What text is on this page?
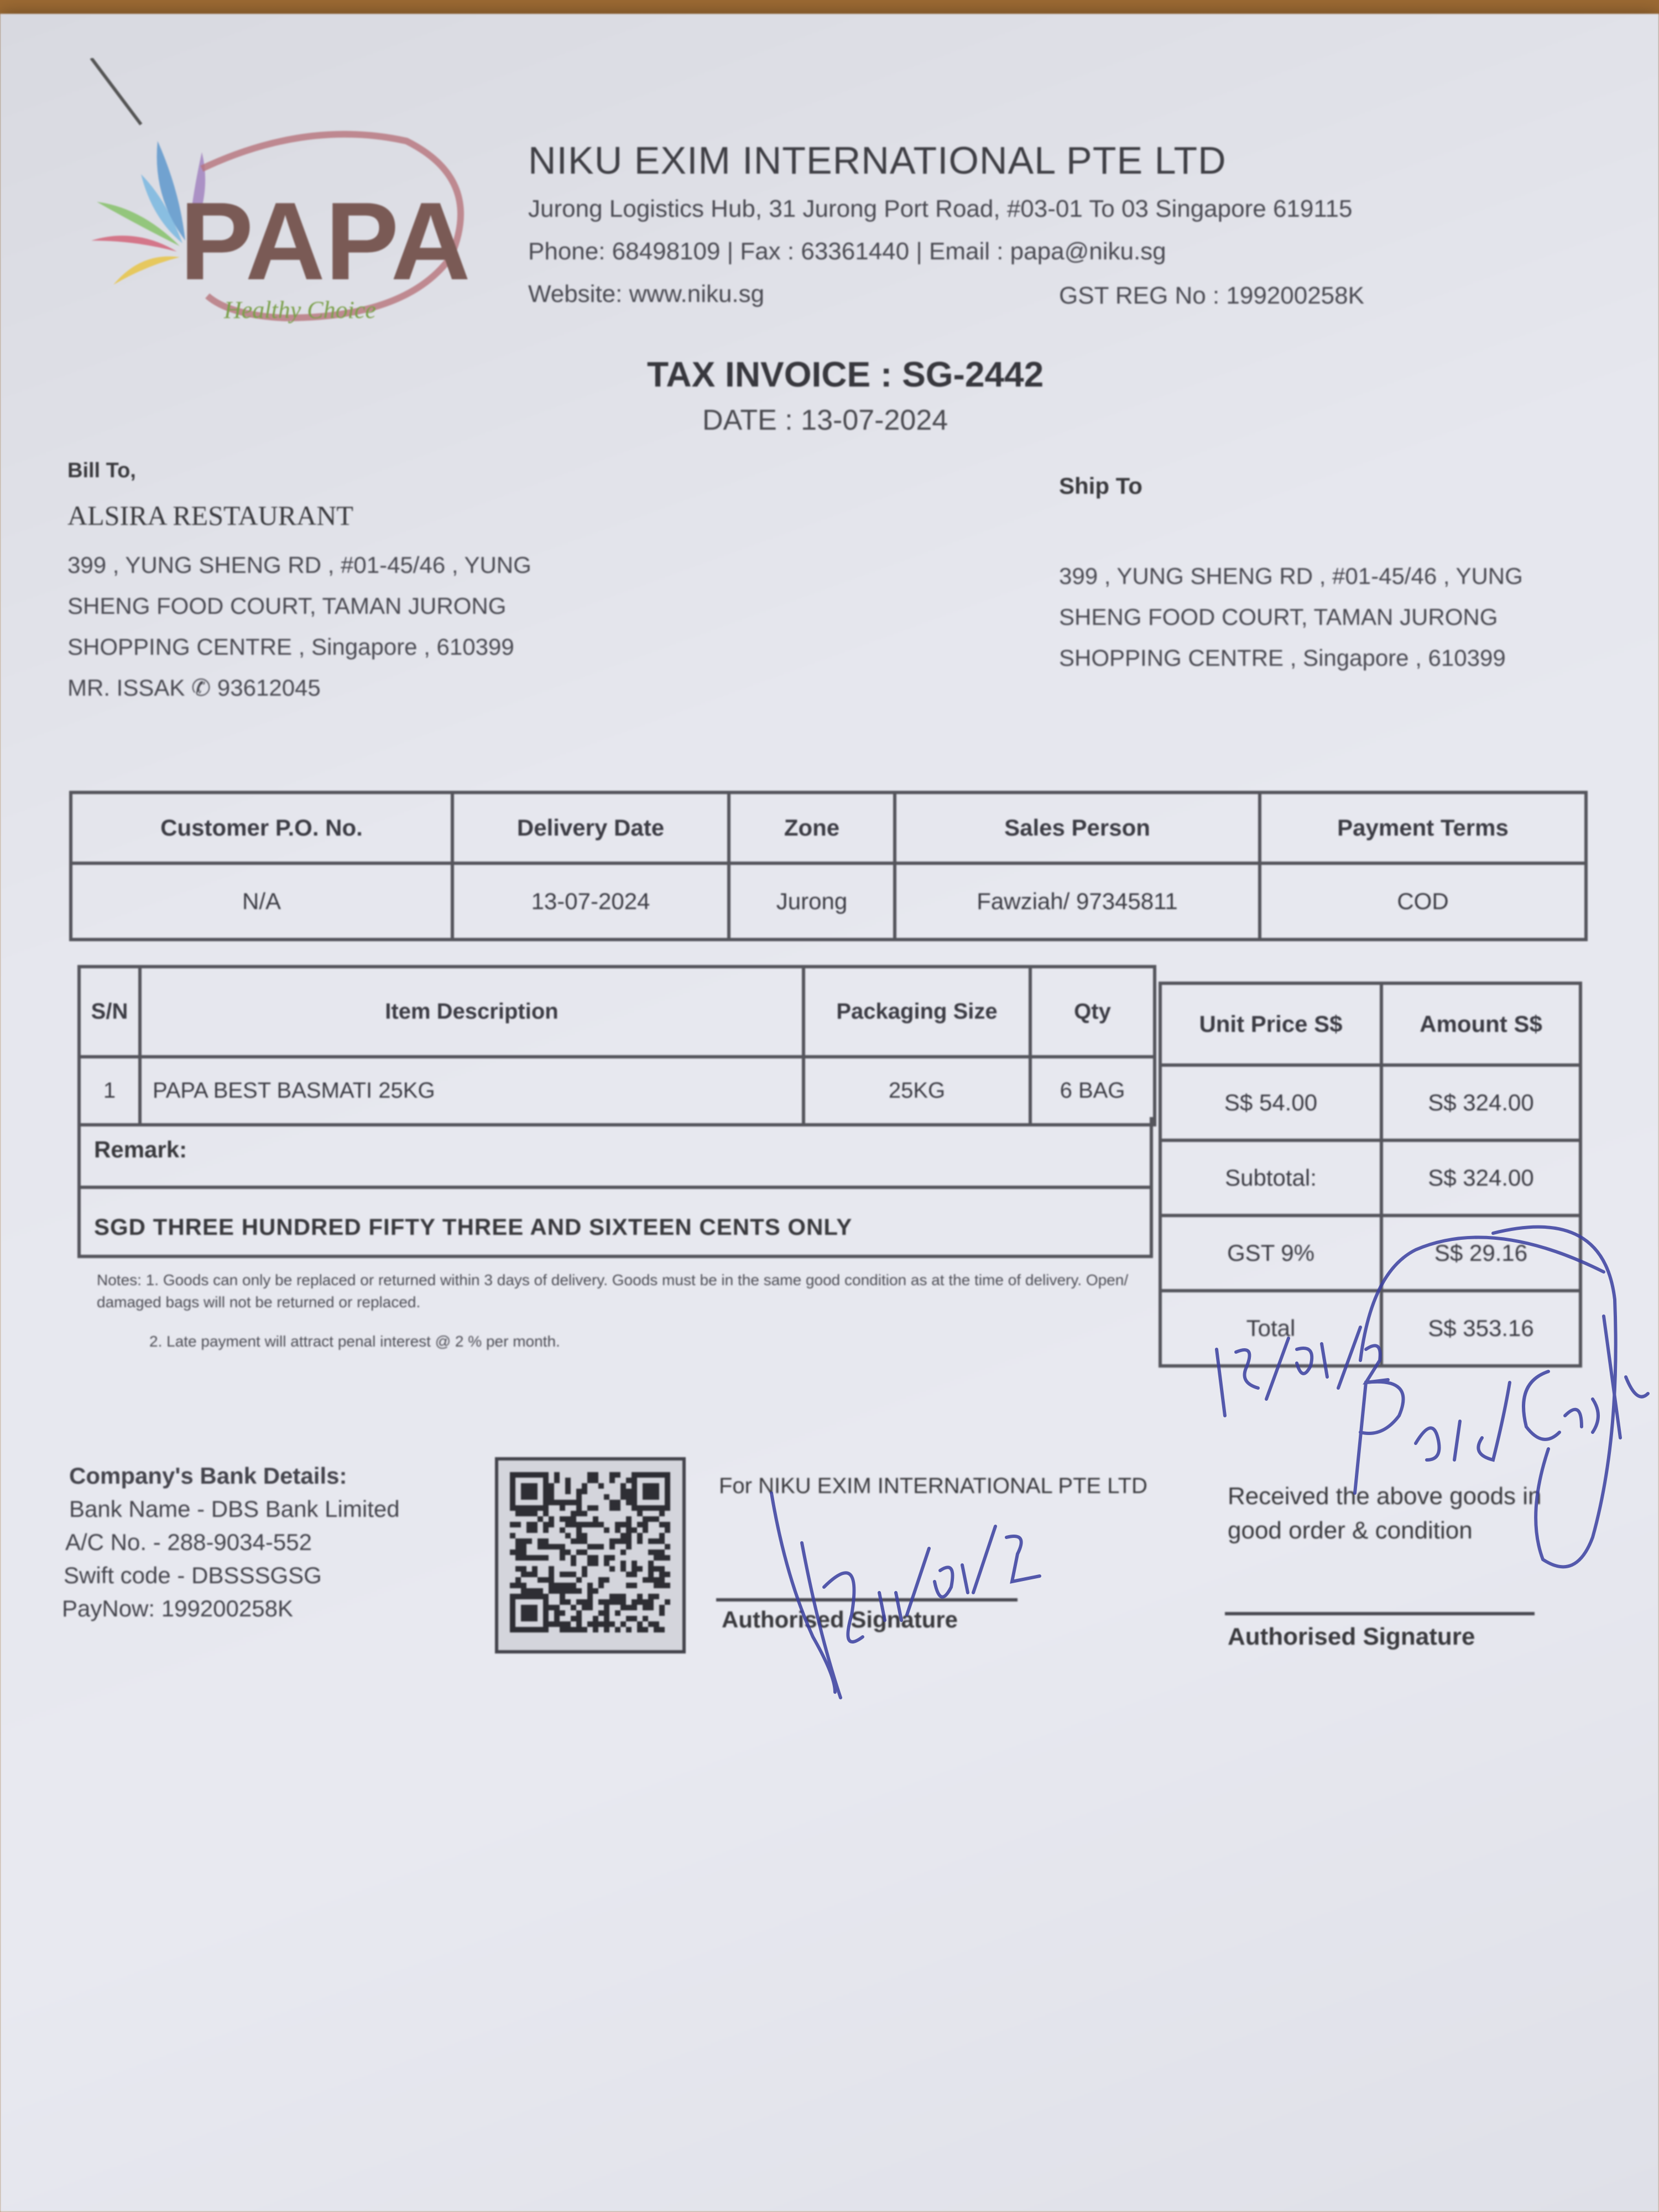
PAPA
Healthy Choice
NIKU EXIM INTERNATIONAL PTE LTD
Jurong Logistics Hub, 31 Jurong Port Road, #03-01 To 03 Singapore 619115
Phone: 68498109 | Fax : 63361440 | Email : papa@niku.sg
Website: www.niku.sg	GST REG No : 199200258K
TAX INVOICE : SG-2442
DATE : 13-07-2024
Bill To,
ALSIRA RESTAURANT
399 , YUNG SHENG RD , #01-45/46 , YUNG
SHENG FOOD COURT, TAMAN JURONG
SHOPPING CENTRE , Singapore , 610399
MR. ISSAK ✆ 93612045
Ship To
399 , YUNG SHENG RD , #01-45/46 , YUNG
SHENG FOOD COURT, TAMAN JURONG
SHOPPING CENTRE , Singapore , 610399
Customer P.O. No.	Delivery Date	Zone	Sales Person	Payment Terms
N/A	13-07-2024	Jurong	Fawziah/ 97345811	COD
S/N	Item Description	Packaging Size	Qty
1	PAPA BEST BASMATI 25KG	25KG	6 BAG
Remark:
SGD THREE HUNDRED FIFTY THREE AND SIXTEEN CENTS ONLY
Unit Price S$	Amount S$
S$ 54.00	S$ 324.00
Subtotal:	S$ 324.00
GST 9%	S$ 29.16
Total	S$ 353.16
Notes: 1. Goods can only be replaced or returned within 3 days of delivery. Goods must be in the same good condition as at the time of delivery. Open/ damaged bags will not be returned or replaced.
2. Late payment will attract penal interest @ 2 % per month.
Company's Bank Details:
Bank Name - DBS Bank Limited
A/C No. - 288-9034-552
Swift code - DBSSSGSG
PayNow: 199200258K
For NIKU EXIM INTERNATIONAL PTE LTD
Authorised Signature
Received the above goods in good order & condition
Authorised Signature
